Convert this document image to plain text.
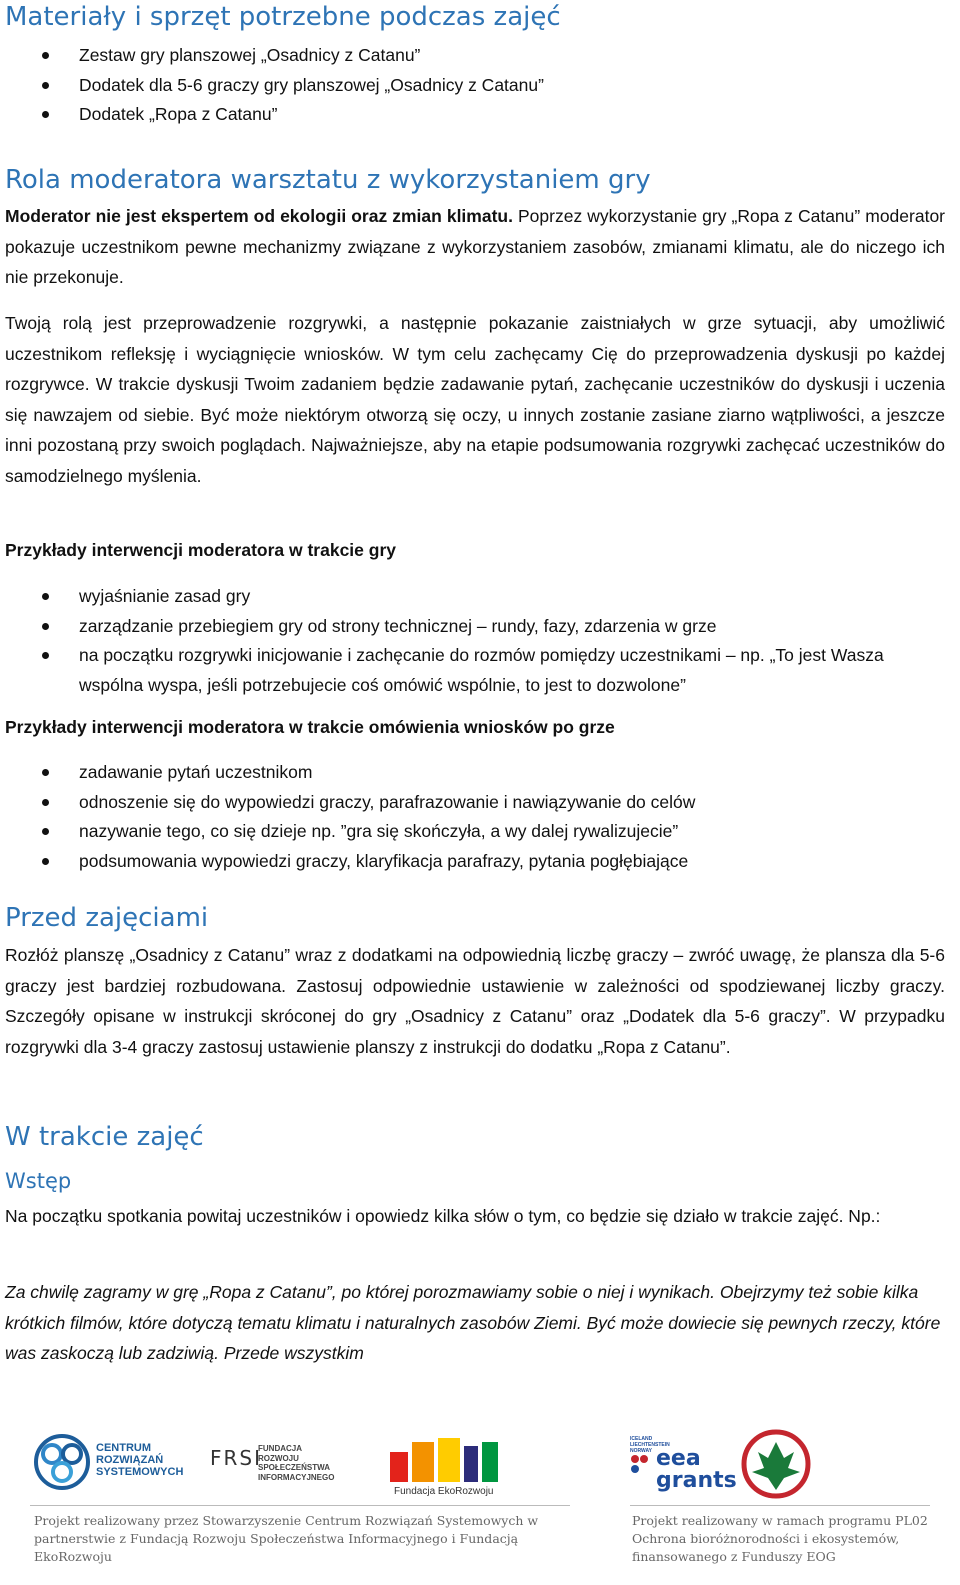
Materiały i sprzęt potrzebne podczas zajęć
Zestaw gry planszowej „Osadnicy z Catanu”
Dodatek dla 5-6 graczy gry planszowej „Osadnicy z Catanu”
Dodatek „Ropa z Catanu”
Rola moderatora warsztatu z wykorzystaniem gry

Moderator nie jest ekspertem od ekologii oraz zmian klimatu. Poprzez wykorzystanie gry „Ropa z Catanu” moderator pokazuje uczestnikom pewne mechanizmy związane z wykorzystaniem zasobów, zmianami klimatu, ale do niczego ich nie przekonuje.

Twoją rolą jest przeprowadzenie rozgrywki, a następnie pokazanie zaistniałych w grze sytuacji, aby umożliwić uczestnikom refleksję i wyciągnięcie wniosków. W tym celu zachęcamy Cię do przeprowadzenia dyskusji po każdej rozgrywce. W trakcie dyskusji Twoim zadaniem będzie zadawanie pytań, zachęcanie uczestników do dyskusji i uczenia się nawzajem od siebie. Być może niektórym otworzą się oczy, u innych zostanie zasiane ziarno wątpliwości, a jeszcze inni pozostaną przy swoich poglądach. Najważniejsze, aby na etapie podsumowania rozgrywki zachęcać uczestników do samodzielnego myślenia.

Przykłady interwencji moderatora w trakcie gry
wyjaśnianie zasad gry
zarządzanie przebiegiem gry od strony technicznej – rundy, fazy, zdarzenia w grze
na początku rozgrywki inicjowanie i zachęcanie do rozmów pomiędzy uczestnikami – np. „To jest Wasza wspólna wyspa, jeśli potrzebujecie coś omówić wspólnie, to jest to dozwolone”
Przykłady interwencji moderatora w trakcie omówienia wniosków po grze
zadawanie pytań uczestnikom
odnoszenie się do wypowiedzi graczy, parafrazowanie i nawiązywanie do celów
nazywanie tego, co się dzieje np. ”gra się skończyła, a wy dalej rywalizujecie”
podsumowania wypowiedzi graczy, klaryfikacja parafrazy, pytania pogłębiające
Przed zajęciami

Rozłóż planszę „Osadnicy z Catanu” wraz z dodatkami na odpowiednią liczbę graczy – zwróć uwagę, że plansza dla 5-6 graczy jest bardziej rozbudowana. Zastosuj odpowiednie ustawienie w zależności od spodziewanej liczby graczy. Szczegóły opisane w instrukcji skróconej do gry „Osadnicy z Catanu” oraz „Dodatek dla 5-6 graczy”. W przypadku rozgrywki dla 3-4 graczy zastosuj ustawienie planszy z instrukcji do dodatku „Ropa z Catanu”.

W trakcie zajęć
Wstęp

Na początku spotkania powitaj uczestników i opowiedz kilka słów o tym, co będzie się działo w trakcie zajęć. Np.:

Za chwilę zagramy w grę „Ropa z Catanu”, po której porozmawiamy sobie o niej i wynikach. Obejrzymy też sobie kilka krótkich filmów, które dotyczą tematu klimatu i naturalnych zasobów Ziemi. Być może dowiecie się pewnych rzeczy, które was zaskoczą lub zadziwią. Przede wszystkim

CENTRUM ROZWIĄZAŃ SYSTEMOWYCH
FRSI
FUNDACJA ROZWOJU SPOŁECZEŃSTWA INFORMACYJNEGO
Fundacja EkoRozwoju
ICELAND LIECHTENSTEIN NORWAY eea grants

Projekt realizowany przez Stowarzyszenie Centrum Rozwiązań Systemowych w partnerstwie z Fundacją Rozwoju Społeczeństwa Informacyjnego i Fundacją EkoRozwoju

Projekt realizowany w ramach programu PL02 Ochrona bioróżnorodności i ekosystemów, finansowanego z Funduszy EOG
